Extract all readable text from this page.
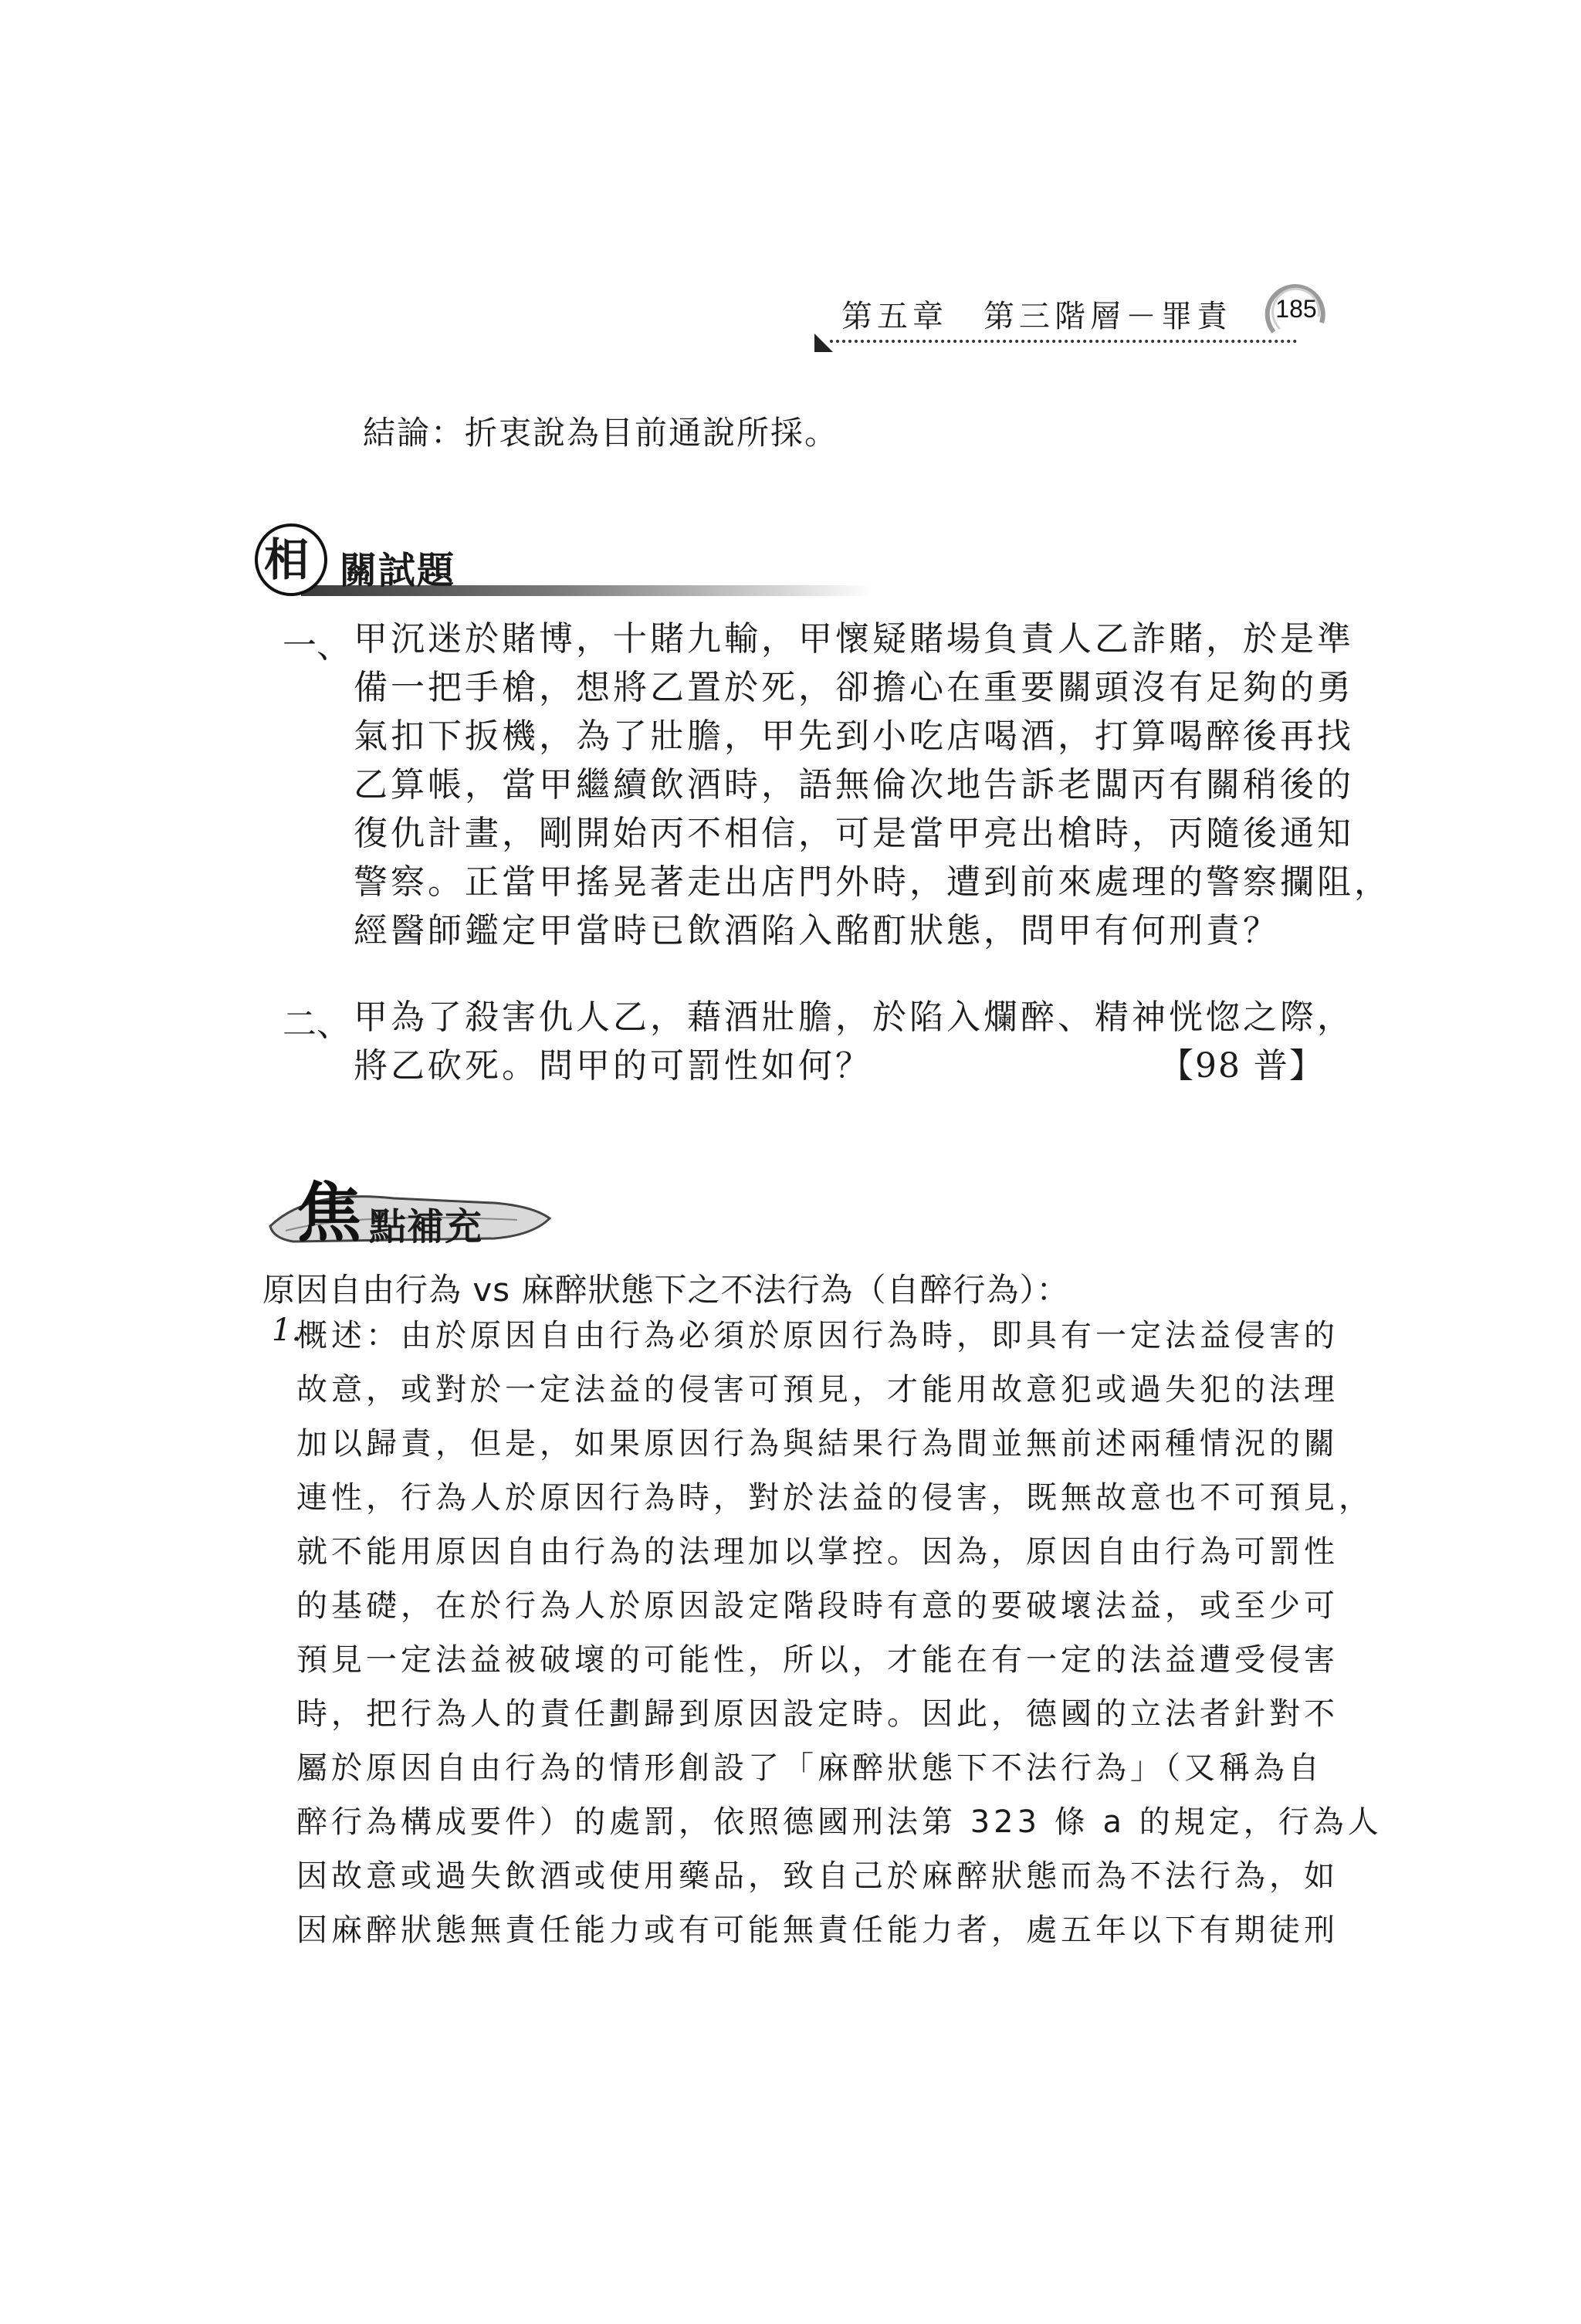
第五章　第三階層－罪責	185
結論：折衷說為目前通說所採。
相 關試題
一、 甲沉迷於賭博，十賭九輸，甲懷疑賭場負責人乙詐賭，於是準
備一把手槍，想將乙置於死，卻擔心在重要關頭沒有足夠的勇
氣扣下扳機，為了壯膽，甲先到小吃店喝酒，打算喝醉後再找
乙算帳，當甲繼續飲酒時，語無倫次地告訴老闆丙有關稍後的
復仇計畫，剛開始丙不相信，可是當甲亮出槍時，丙隨後通知
警察。正當甲搖晃著走出店門外時，遭到前來處理的警察攔阻，
經醫師鑑定甲當時已飲酒陷入酩酊狀態，問甲有何刑責？
二、 甲為了殺害仇人乙，藉酒壯膽，於陷入爛醉、精神恍惚之際，
將乙砍死。問甲的可罰性如何？	【98 普】
焦 點補充
原因自由行為 vs 麻醉狀態下之不法行為（自醉行為）：
1.
概述：由於原因自由行為必須於原因行為時，即具有一定法益侵害的
故意，或對於一定法益的侵害可預見，才能用故意犯或過失犯的法理
加以歸責，但是，如果原因行為與結果行為間並無前述兩種情況的關
連性，行為人於原因行為時，對於法益的侵害，既無故意也不可預見，
就不能用原因自由行為的法理加以掌控。因為，原因自由行為可罰性
的基礎，在於行為人於原因設定階段時有意的要破壞法益，或至少可
預見一定法益被破壞的可能性，所以，才能在有一定的法益遭受侵害
時，把行為人的責任劃歸到原因設定時。因此，德國的立法者針對不
屬於原因自由行為的情形創設了「麻醉狀態下不法行為」（又稱為自
醉行為構成要件）的處罰，依照德國刑法第 323 條 a 的規定，行為人
因故意或過失飲酒或使用藥品，致自己於麻醉狀態而為不法行為，如
因麻醉狀態無責任能力或有可能無責任能力者，處五年以下有期徒刑
